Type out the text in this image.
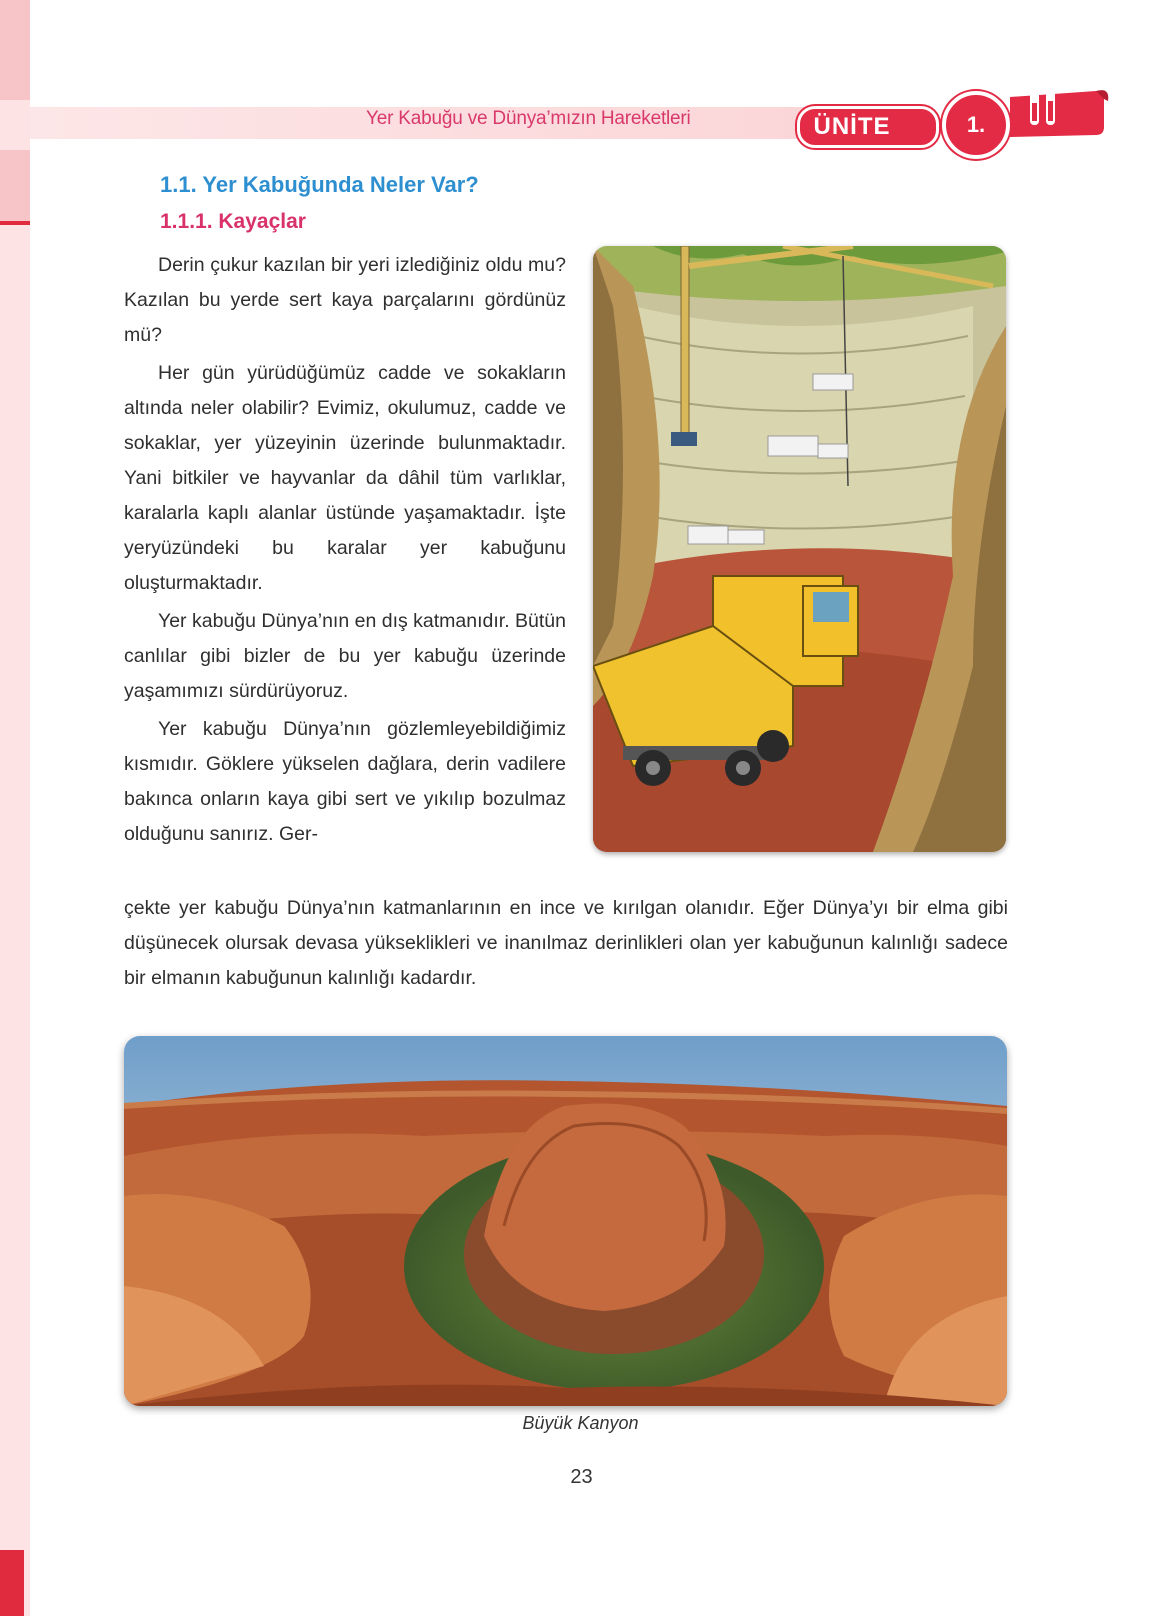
Yer Kabuğu ve Dünya’mızın Hareketleri	ÜNİTE	1.
1.1. Yer Kabuğunda Neler Var?
1.1.1. Kayaçlar

Derin çukur kazılan bir yeri izlediğiniz oldu mu? Kazılan bu yerde sert kaya parçalarını gördünüz mü?

Her gün yürüdüğümüz cadde ve sokakların altında neler olabilir? Evimiz, okulumuz, cadde ve sokaklar, yer yüzeyinin üzerinde bulunmaktadır. Yani bitkiler ve hayvanlar da dâhil tüm varlıklar, karalarla kaplı alanlar üstünde yaşamaktadır. İşte yeryüzündeki bu karalar yer kabuğunu oluşturmaktadır.

Yer kabuğu Dünya’nın en dış katmanıdır. Bütün canlılar gibi bizler de bu yer kabuğu üzerinde yaşamımızı sürdürüyoruz.

Yer kabuğu Dünya’nın gözlemleyebildiğimiz kısmıdır. Göklere yükselen dağlara, derin vadilere bakınca onların kaya gibi sert ve yıkılıp bozulmaz olduğunu sanırız. Ger-

çekte yer kabuğu Dünya’nın katmanlarının en ince ve kırılgan olanıdır. Eğer Dünya’yı bir elma gibi düşünecek olursak devasa yükseklikleri ve inanılmaz derinlikleri olan yer kabuğunun kalınlığı sadece bir elmanın kabuğunun kalınlığı kadardır.

Büyük Kanyon
23
